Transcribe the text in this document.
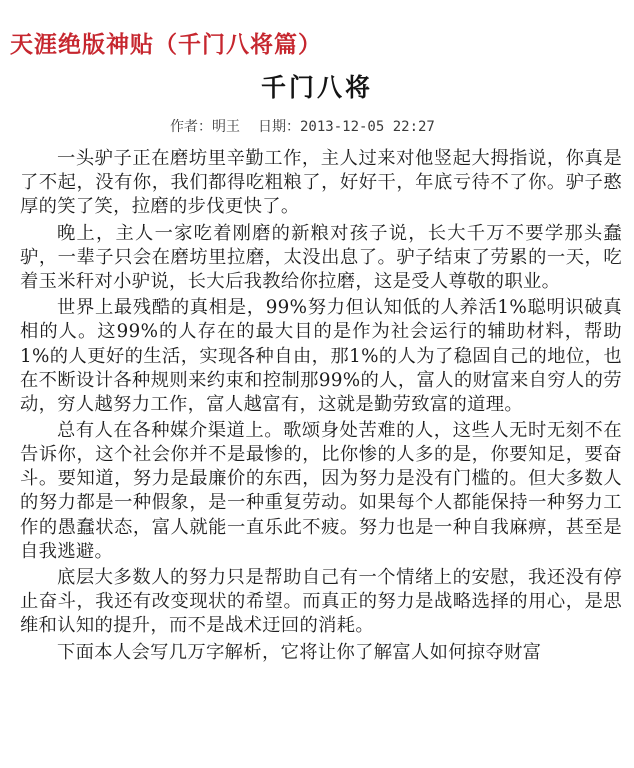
天涯绝版神贴（千门八将篇）
千门八将
作者：明王 日期：2013-12-05 22:27

一头驴子正在磨坊里辛勤工作，主人过来对他竖起大拇指说，你真是了不起，没有你，我们都得吃粗粮了，好好干，年底亏待不了你。驴子憨厚的笑了笑，拉磨的步伐更快了。

晚上，主人一家吃着刚磨的新粮对孩子说，长大千万不要学那头蠢驴，一辈子只会在磨坊里拉磨，太没出息了。驴子结束了劳累的一天，吃着玉米秆对小驴说，长大后我教给你拉磨，这是受人尊敬的职业。

世界上最残酷的真相是，99%努力但认知低的人养活1%聪明识破真相的人。这99%的人存在的最大目的是作为社会运行的辅助材料，帮助1%的人更好的生活，实现各种自由，那1%的人为了稳固自己的地位，也在不断设计各种规则来约束和控制那99%的人，富人的财富来自穷人的劳动，穷人越努力工作，富人越富有，这就是勤劳致富的道理。

总有人在各种媒介渠道上。歌颂身处苦难的人，这些人无时无刻不在告诉你，这个社会你并不是最惨的，比你惨的人多的是，你要知足，要奋斗。要知道，努力是最廉价的东西，因为努力是没有门槛的。但大多数人的努力都是一种假象，是一种重复劳动。如果每个人都能保持一种努力工作的愚蠢状态，富人就能一直乐此不疲。努力也是一种自我麻痹，甚至是自我逃避。

底层大多数人的努力只是帮助自己有一个情绪上的安慰，我还没有停止奋斗，我还有改变现状的希望。而真正的努力是战略选择的用心，是思维和认知的提升，而不是战术迂回的消耗。

下面本人会写几万字解析，它将让你了解富人如何掠夺财富
